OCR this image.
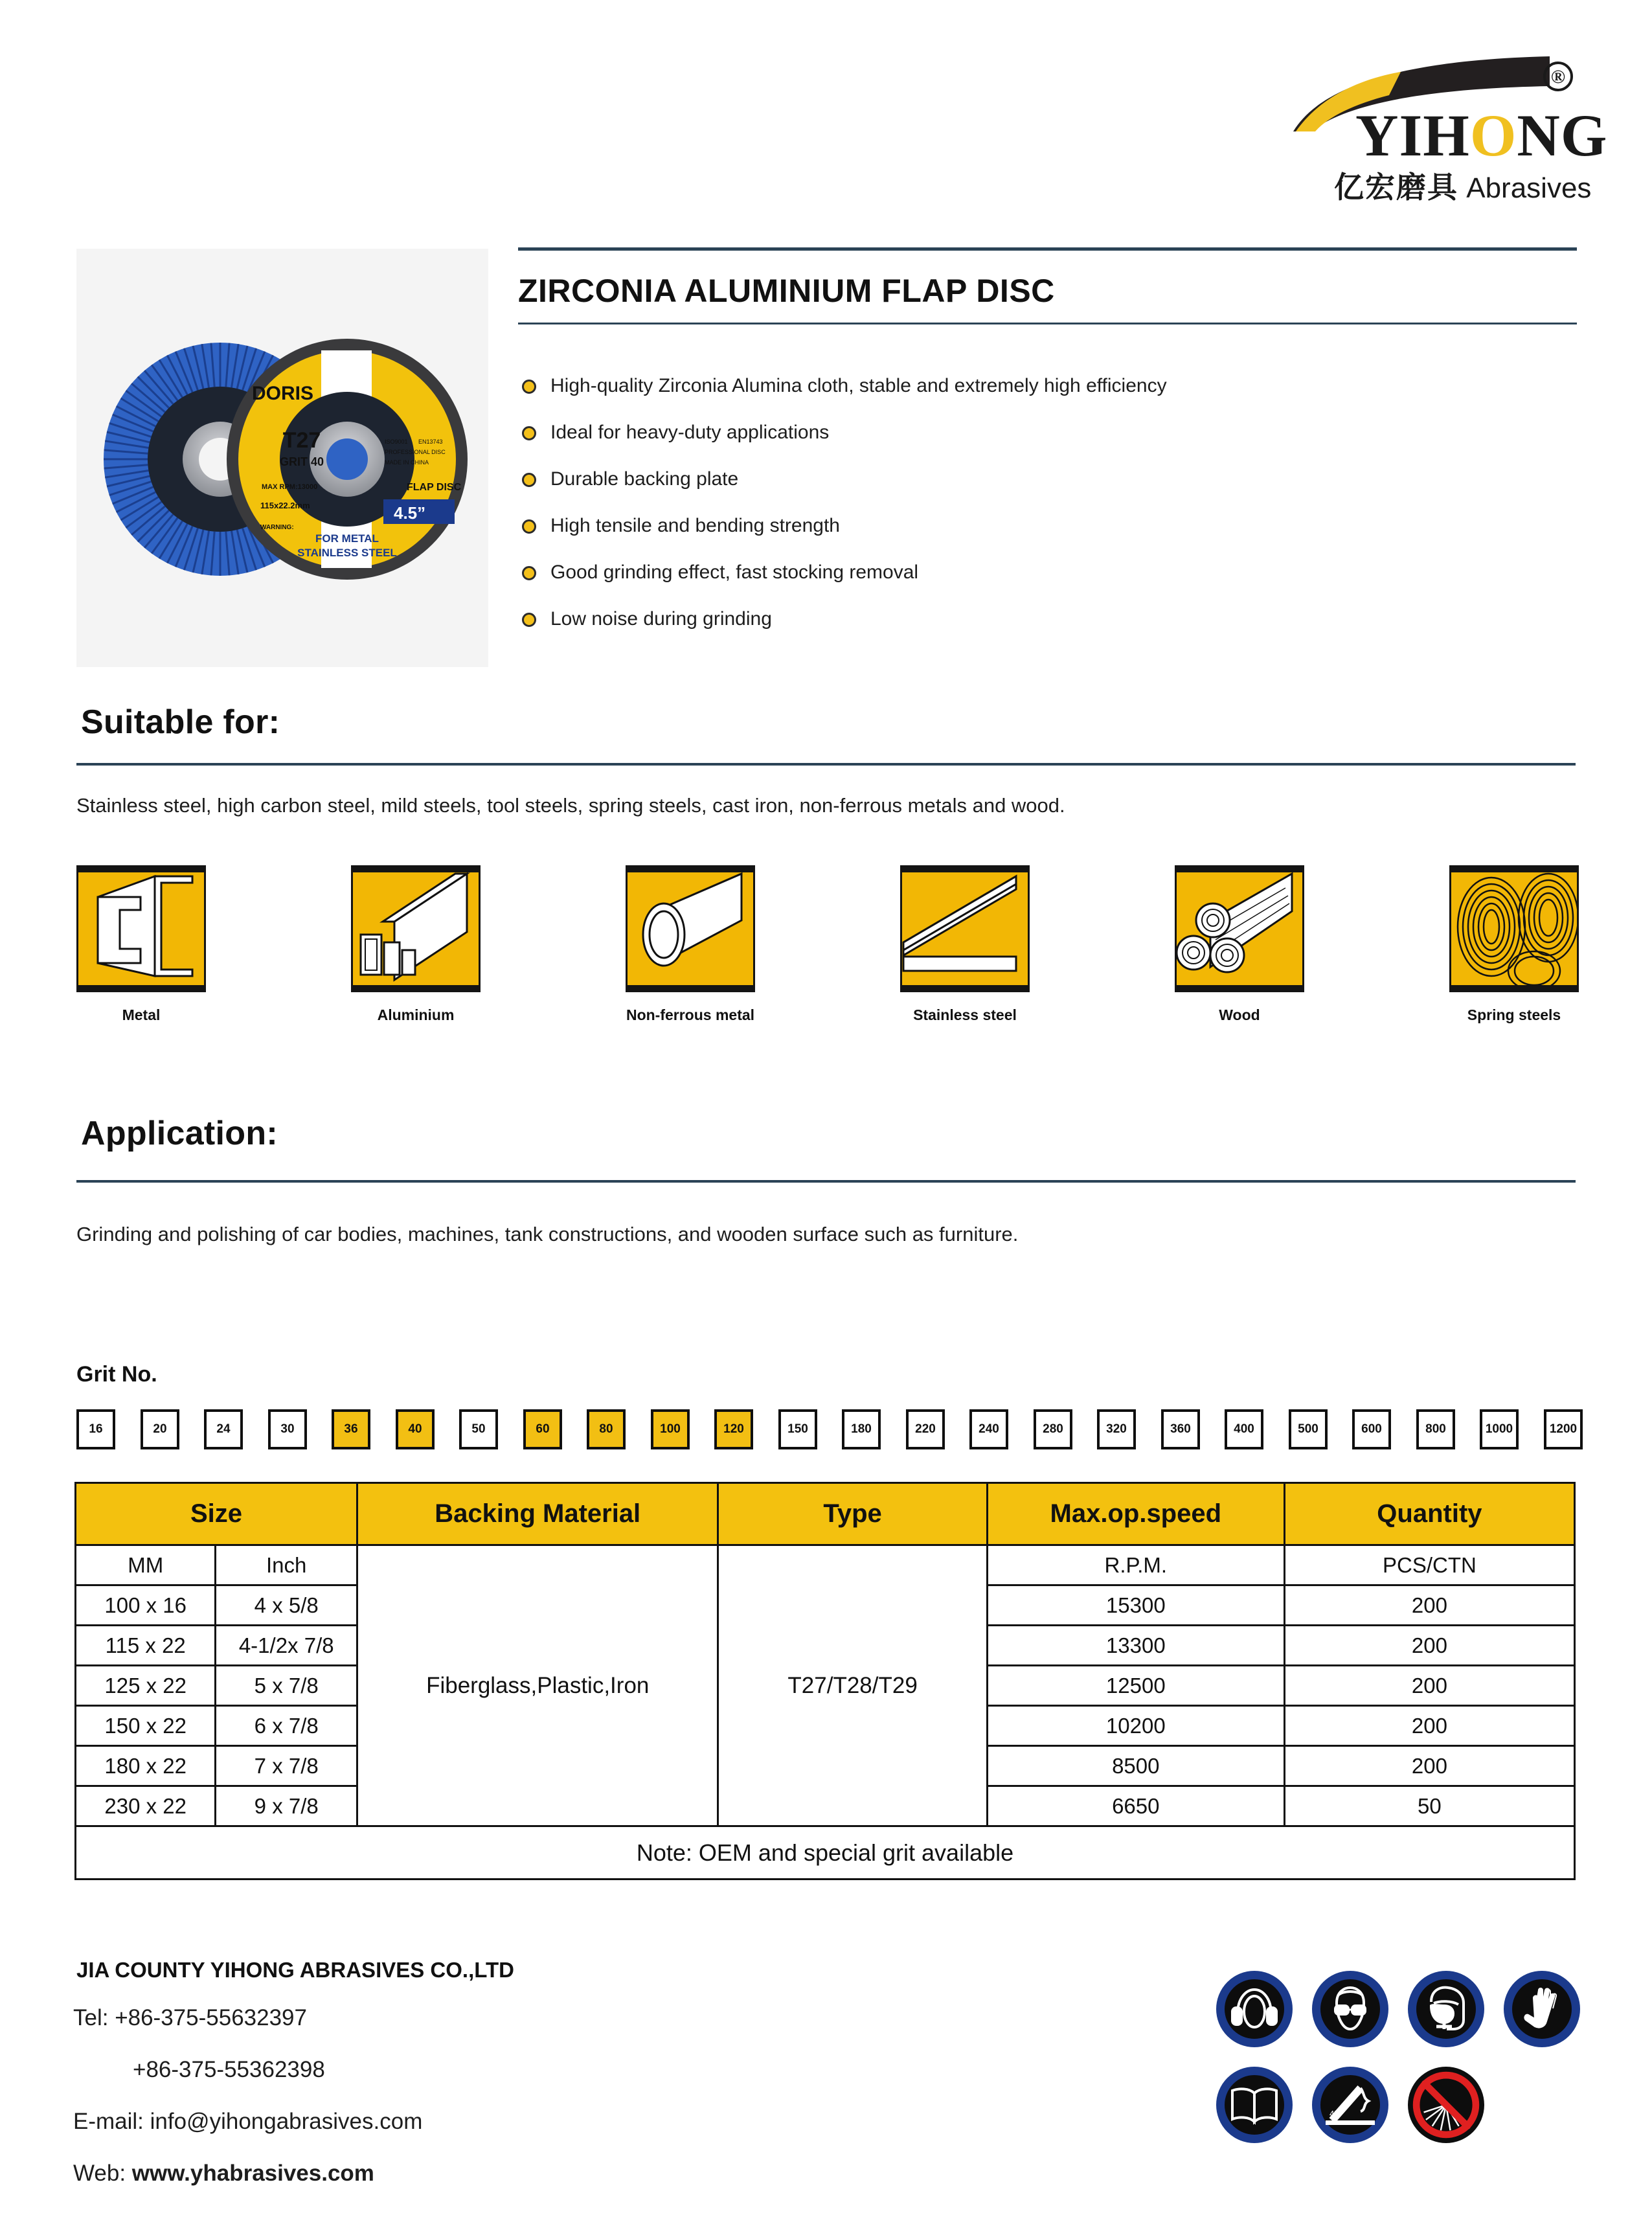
®
YIHONG
亿宏磨具 Abrasives
DORIS
T27
GRIT 40
MAX RPM:13000
115x22.2mm
WARNING:
ISO9001 EN13743
PROFESSIONAL DISC
MADE IN CHINA
FLAP DISC
4.5”
FOR METAL
STAINLESS STEEL
ZIRCONIA ALUMINIUM FLAP DISC
High-quality Zirconia Alumina cloth, stable and extremely high efficiency
Ideal for heavy-duty applications
Durable backing plate
High tensile and bending strength
Good grinding effect, fast stocking removal
Low noise during grinding
Suitable for:
Stainless steel, high carbon steel, mild steels, tool steels, spring steels, cast iron, non-ferrous metals and wood.
Metal	Aluminium	Non-ferrous metal	Stainless steel	Wood	Spring steels
Application:
Grinding and polishing of car bodies, machines, tank constructions, and wooden surface such as furniture.
Grit No.
16	20	24	30	36	40	50	60	80	100	120	150	180	220	240	280	320	360	400	500	600	800	1000	1200
Size		Backing Material	Type	Max.op.speed	Quantity
MM	Inch	Fiberglass,Plastic,Iron	T27/T28/T29	R.P.M.	PCS/CTN
100 x 16	4 x 5/8			15300	200
115 x 22	4-1/2x 7/8			13300	200
125 x 22	5 x 7/8			12500	200
150 x 22	6 x 7/8			10200	200
180 x 22	7 x 7/8			8500	200
230 x 22	9 x 7/8			6650	50
Note: OEM and special grit available					
JIA COUNTY YIHONG ABRASIVES CO.,LTD
Tel: +86-375-55632397
+86-375-55362398
E-mail: info@yihongabrasives.com
Web: www.yhabrasives.com
45°
